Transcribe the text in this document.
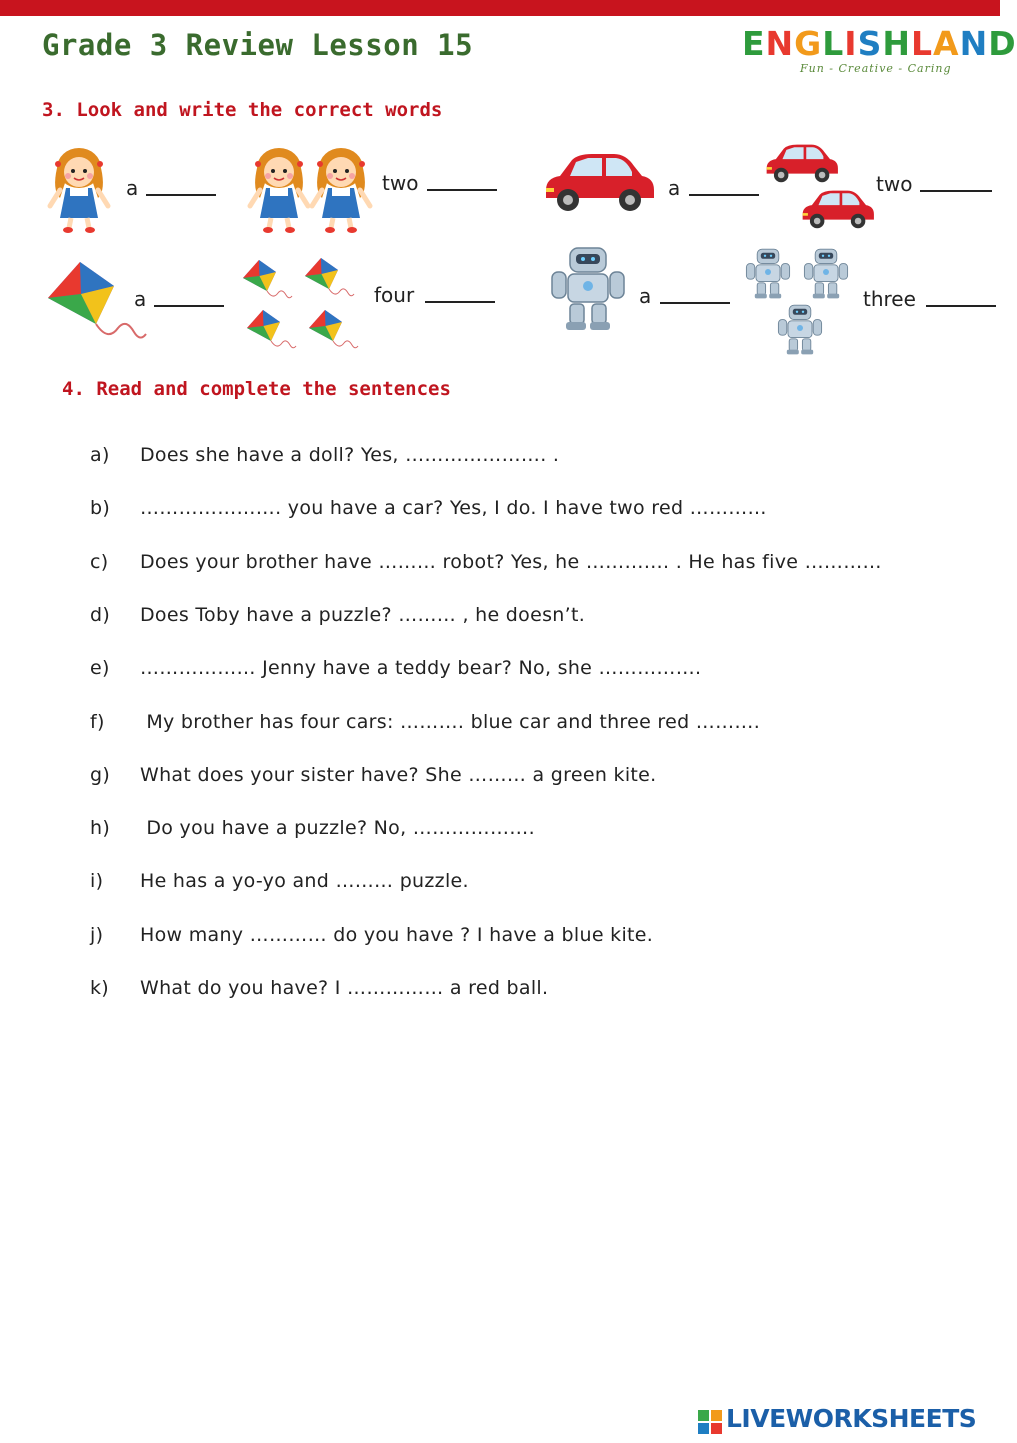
Grade 3 Review Lesson 15	ENGLISHLAND
Fun - Creative - Caring
3. Look and write the correct words
a	two	a	two
a	four	a	three
4. Read and complete the sentences
a) Does she have a doll? Yes, …………………. .
b) …………………. you have a car? Yes, I do. I have two red …………
c) Does your brother have ……… robot? Yes, he …………. . He has five …………
d) Does Toby have a puzzle? ……… , he doesn’t.
e) ……………… Jenny have a teddy bear? No, she …………….
f) My brother has four cars: ………. blue car and three red ……….
g) What does your sister have? She ……… a green kite.
h) Do you have a puzzle? No, ……………….
i) He has a yo-yo and ……… puzzle.
j) How many ………… do you have ? I have a blue kite.
k) What do you have? I …………… a red ball.
LIVEWORKSHEETS
